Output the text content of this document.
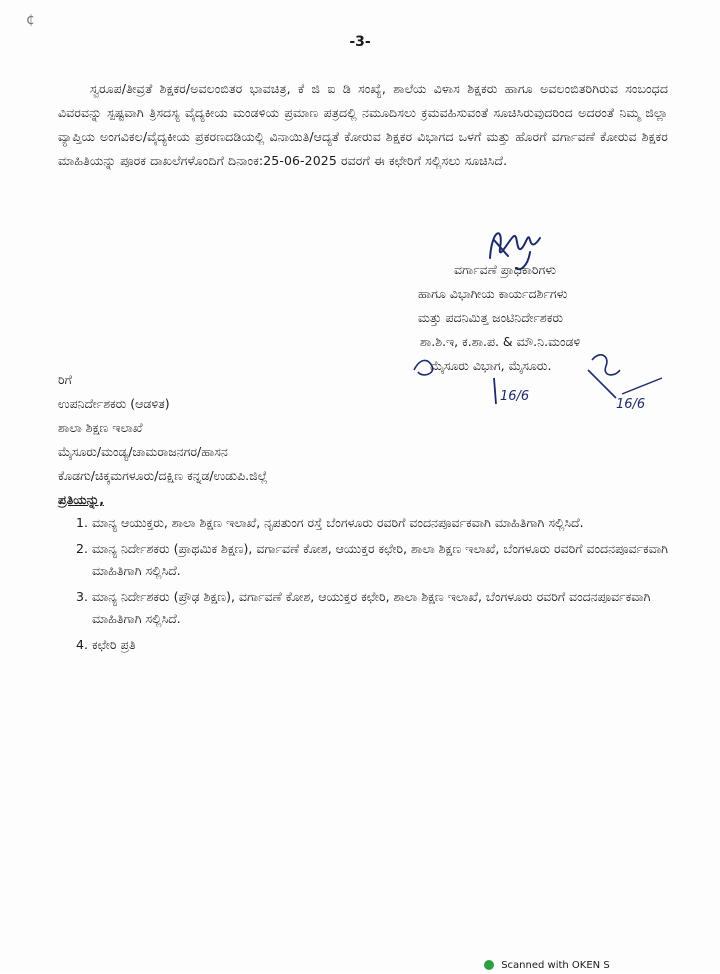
¢
-3-

ಸ್ವರೂಪ/ತೀವ್ರತೆ ಶಿಕ್ಷಕರ/ಅವಲಂಬಿತರ ಭಾವಚಿತ್ರ, ಕೆ ಜಿ ಐ ಡಿ ಸಂಖ್ಯೆ, ಶಾಲೆಯ ವಿಳಾಸ ಶಿಕ್ಷಕರು ಹಾಗೂ ಅವಲಂಬಿತರಿಗಿರುವ ಸಂಬಂಧದ ವಿವರವನ್ನು ಸ್ಪಷ್ಟವಾಗಿ ತ್ರಿಸದಸ್ಯ ವೈದ್ಯಕೀಯ ಮಂಡಳಿಯ ಪ್ರಮಾಣ ಪತ್ರದಲ್ಲಿ ನಮೂದಿಸಲು ಕ್ರಮವಹಿಸುವಂತೆ ಸೂಚಿಸಿರುವುದರಿಂದ ಅದರಂತೆ ನಿಮ್ಮ ಜಿಲ್ಲಾ ವ್ಯಾಪ್ತಿಯ ಅಂಗವಿಕಲ/ವೈದ್ಯಕೀಯ ಪ್ರಕರಣದಡಿಯಲ್ಲಿ ವಿನಾಯಿತಿ/ಆದ್ಯತೆ ಕೋರುವ ಶಿಕ್ಷಕರ ವಿಭಾಗದ ಒಳಗೆ ಮತ್ತು ಹೊರಗೆ ವರ್ಗಾವಣೆ ಕೋರುವ ಶಿಕ್ಷಕರ ಮಾಹಿತಿಯನ್ನು ಪೂರಕ ದಾಖಲೆಗಳೊಂದಿಗೆ ದಿನಾಂಕ:25-06-2025 ರವರಗೆ ಈ ಕಛೇರಿಗೆ ಸಲ್ಲಿಸಲು ಸೂಚಿಸಿದೆ.

ವರ್ಗಾವಣೆ ಪ್ರಾಧಿಕಾರಿಗಳು
ಹಾಗೂ ವಿಭಾಗೀಯ ಕಾರ್ಯದರ್ಶಿಗಳು
ಮತ್ತು ಪದನಿಮಿತ್ತ ಜಂಟಿನಿರ್ದೇಶಕರು
ಶಾ.ಶಿ.ಇ, ಕ.ಶಾ.ಪ. & ಮೌ.ನಿ.ಮಂಡಳಿ
ಮೈಸೂರು ವಿಭಾಗ, ಮೈಸೂರು.
16/6
16/6
ರಿಗೆ
ಉಪನಿರ್ದೇಶಕರು (ಆಡಳಿತ)
ಶಾಲಾ ಶಿಕ್ಷಣ ಇಲಾಖೆ
ಮೈಸೂರು/ಮಂಡ್ಯ/ಚಾಮರಾಜನಗರ/ಹಾಸನ
ಕೊಡಗು/ಚಿಕ್ಕಮಗಳೂರು/ದಕ್ಷಿಣ ಕನ್ನಡ/ಉಡುಪಿ.ಜಿಲ್ಲೆ
ಪ್ರತಿಯನ್ನು,
1. ಮಾನ್ಯ ಆಯುಕ್ತರು, ಶಾಲಾ ಶಿಕ್ಷಣ ಇಲಾಖೆ, ನೃಪತುಂಗ ರಸ್ತೆ ಬೆಂಗಳೂರು ರವರಿಗೆ ವಂದನಪೂರ್ವಕವಾಗಿ ಮಾಹಿತಿಗಾಗಿ ಸಲ್ಲಿಸಿದೆ.
2. ಮಾನ್ಯ ನಿರ್ದೇಶಕರು (ಪ್ರಾಥಮಿಕ ಶಿಕ್ಷಣ), ವರ್ಗಾವಣೆ ಕೋಶ, ಆಯುಕ್ತರ ಕಛೇರಿ, ಶಾಲಾ ಶಿಕ್ಷಣ ಇಲಾಖೆ, ಬೆಂಗಳೂರು ರವರಿಗೆ ವಂದನಪೂರ್ವಕವಾಗಿ ಮಾಹಿತಿಗಾಗಿ ಸಲ್ಲಿಸಿದೆ.
3. ಮಾನ್ಯ ನಿರ್ದೇಶಕರು (ಪ್ರೌಢ ಶಿಕ್ಷಣ), ವರ್ಗಾವಣೆ ಕೋಶ, ಆಯುಕ್ತರ ಕಛೇರಿ, ಶಾಲಾ ಶಿಕ್ಷಣ ಇಲಾಖೆ, ಬೆಂಗಳೂರು ರವರಿಗೆ ವಂದನಪೂರ್ವಕವಾಗಿ ಮಾಹಿತಿಗಾಗಿ ಸಲ್ಲಿಸಿದೆ.
4. ಕಛೇರಿ ಪ್ರತಿ
Scanned with OKEN S
